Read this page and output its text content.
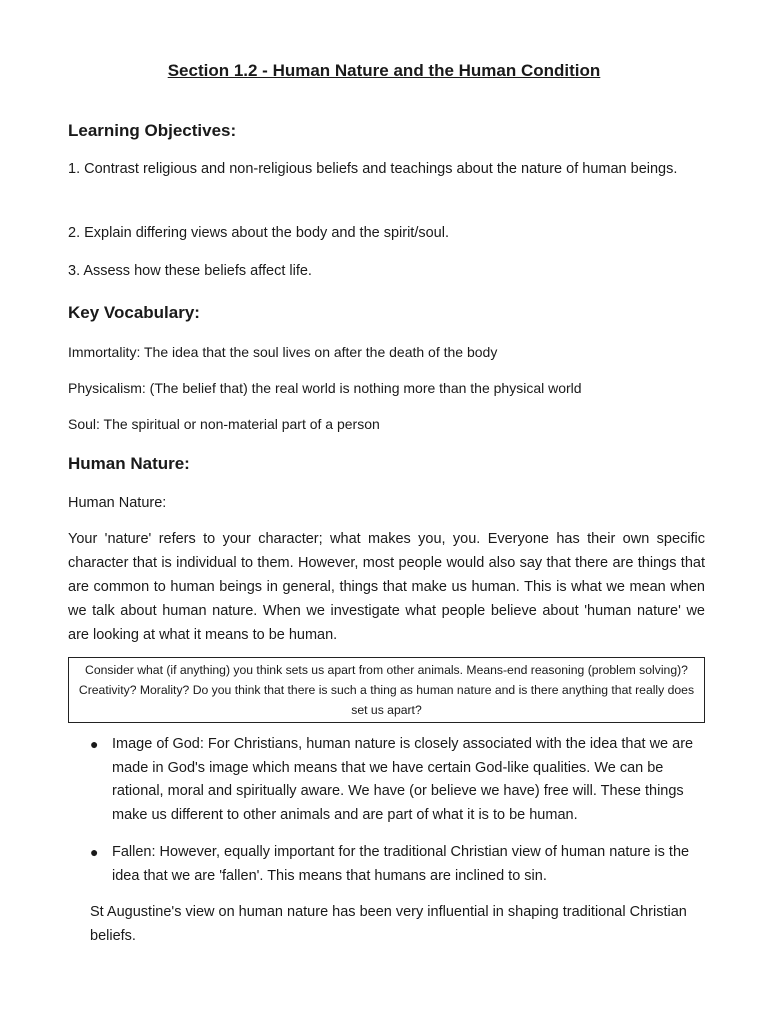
Section 1.2 - Human Nature and the Human Condition
Learning Objectives:
1. Contrast religious and non-religious beliefs and teachings about the nature of human beings.
2. Explain differing views about the body and the spirit/soul.
3. Assess how these beliefs affect life.
Key Vocabulary:
Immortality: The idea that the soul lives on after the death of the body
Physicalism: (The belief that) the real world is nothing more than the physical world
Soul: The spiritual or non-material part of a person
Human Nature:
Human Nature:
Your 'nature' refers to your character; what makes you, you. Everyone has their own specific character that is individual to them. However, most people would also say that there are things that are common to human beings in general, things that make us human. This is what we mean when we talk about human nature. When we investigate what people believe about 'human nature' we are looking at what it means to be human.
Consider what (if anything) you think sets us apart from other animals. Means-end reasoning (problem solving)? Creativity? Morality? Do you think that there is such a thing as human nature and is there anything that really does set us apart?
● Image of God: For Christians, human nature is closely associated with the idea that we are made in God's image which means that we have certain God-like qualities. We can be rational, moral and spiritually aware. We have (or believe we have) free will. These things make us different to other animals and are part of what it is to be human.
● Fallen: However, equally important for the traditional Christian view of human nature is the idea that we are 'fallen'. This means that humans are inclined to sin.
St Augustine's view on human nature has been very influential in shaping traditional Christian beliefs.
